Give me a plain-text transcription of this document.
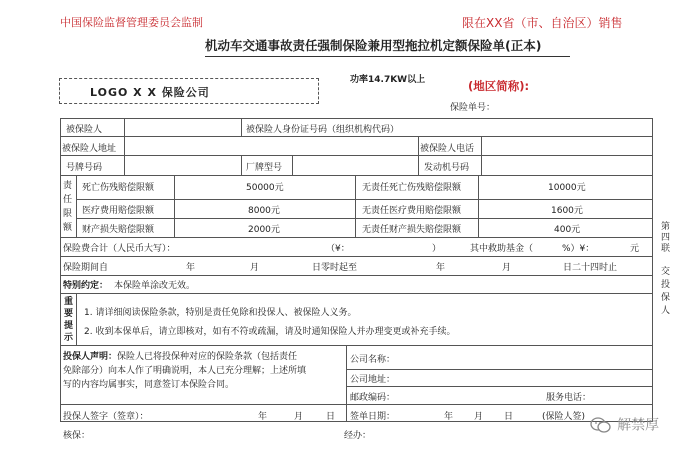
中国保险监督管理委员会监制	限在XX省（市、自治区）销售
机动车交通事故责任强制保险兼用型拖拉机定额保险单(正本)
LOGO X X 保险公司
功率14.7KW以上	(地区简称):
保险单号：
被保险人	被保险人身份证号码（组织机构代码）
被保险人地址	被保险人电话
号牌号码	厂牌型号	发动机号码
责
任
限
额
死亡伤残赔偿限额	50000元	无责任死亡伤残赔偿限额	10000元
医疗费用赔偿限额	8000元	无责任医疗费用赔偿限额	1600元
财产损失赔偿限额	2000元	无责任财产损失赔偿限额	400元
保险费合计（人民币大写）：	（¥：	）	其中救助基金（	%）¥：	元
保险期间自	年	月	日零时起至	年	月	日二十四时止
特别约定： 本保险单涂改无效。
重
要
提
示
1. 请详细阅读保险条款，特别是责任免除和投保人、被保险人义务。
2. 收到本保单后，请立即核对，如有不符或疏漏，请及时通知保险人并办理变更或补充手续。
投保人声明：保险人已将投保种对应的保险条款（包括责任
免除部分）向本人作了明确说明，本人已充分理解；上述所填
写的内容均属事实，同意签订本保险合同。
投保人签字（签章）：	年	月	日
公司名称：
公司地址：
邮政编码：	服务电话：
签单日期：	年 月 日	(保险人签)
核保：	经办：
第
四
联
交
投
保
人
解禁厚
